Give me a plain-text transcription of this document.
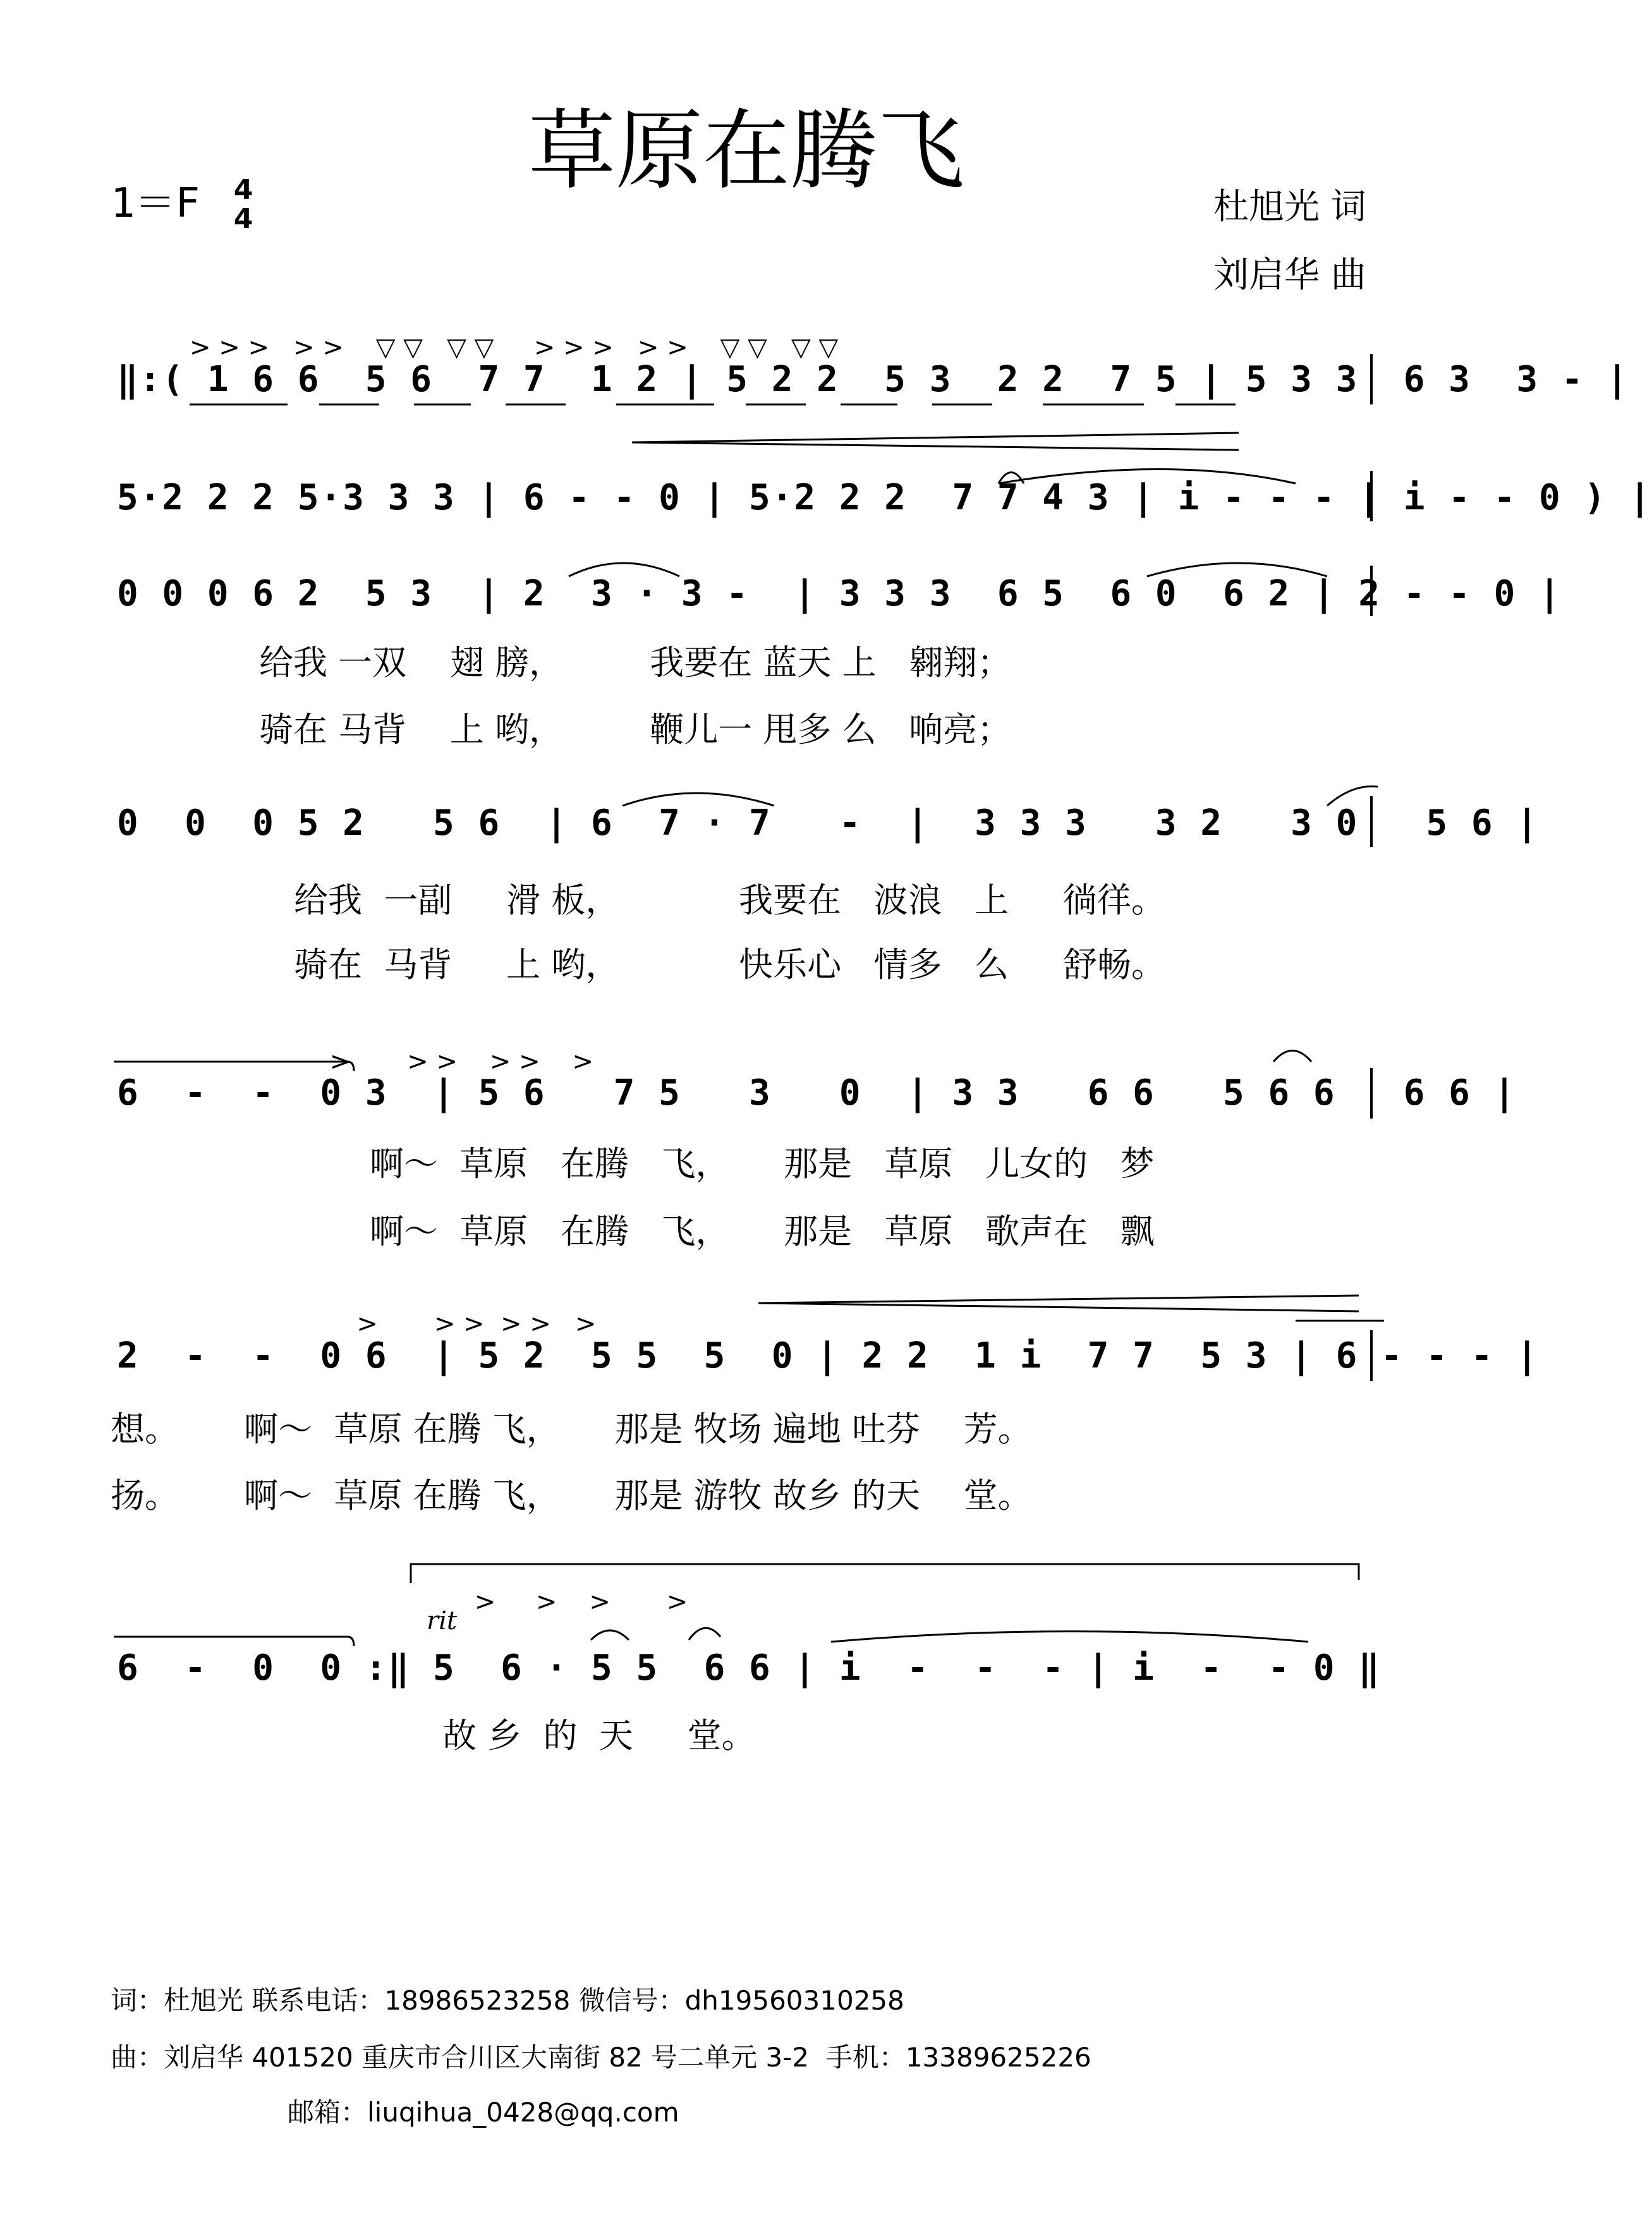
草原在腾飞
1＝F 4
4	杜旭光 词
刘启华 曲
> > >   > >    ▽ ▽   ▽ ▽     > > >   > >    ▽ ▽   ▽ ▽
‖:( 1 6 6  5 6  7 7  1 2 | 5 2 2  5 3  2 2  7 5 | 5 3 3  6 3  3 - |
5·2 2 2 5·3 3 3 | 6 - - 0 | 5·2 2 2  7 7 4 3 | i - - - | i - - 0 ) |
0 0 0 6 2  5 3  | 2  3 · 3 -  | 3 3 3  6 5  6 0  6 2 | 2 - - 0 |
给我 一双    翅 膀，        我要在 蓝天 上   翱翔；
骑在 马背    上 哟，        鞭儿一 甩多 么   响亮；
0  0  0 5 2   5 6  | 6  7 · 7   -  |  3 3 3   3 2   3 0   5 6 |
给我  一副     滑 板，           我要在   波浪   上     徜徉。
骑在  马背     上 哟，           快乐心   情多   么     舒畅。
>       > >    > >    >
6  -  -  0 3  | 5 6   7 5   3   0  | 3 3   6 6   5 6 6   6 6 |
啊～  草原   在腾   飞，     那是   草原   儿女的   梦
啊～  草原   在腾   飞，     那是   草原   歌声在   飘
>       > >  > >   >
2  -  -  0 6  | 5 2  5 5  5  0 | 2 2  1 i  7 7  5 3 | 6 - - - |
想。      啊～  草原 在腾 飞，     那是 牧场 遍地 吐芬    芳。
扬。      啊～  草原 在腾 飞，     那是 游牧 故乡 的天    堂。
rit
>     >    >       >
6  -  0  0 :‖ 5  6 · 5 5  6 6 | i  -  -  - | i  -  - 0 ‖
故 乡  的  天     堂。
词：杜旭光 联系电话：18986523258 微信号：dh19560310258
曲：刘启华 401520 重庆市合川区大南街 82 号二单元 3-2  手机：13389625226
邮箱：liuqihua_0428@qq.com
